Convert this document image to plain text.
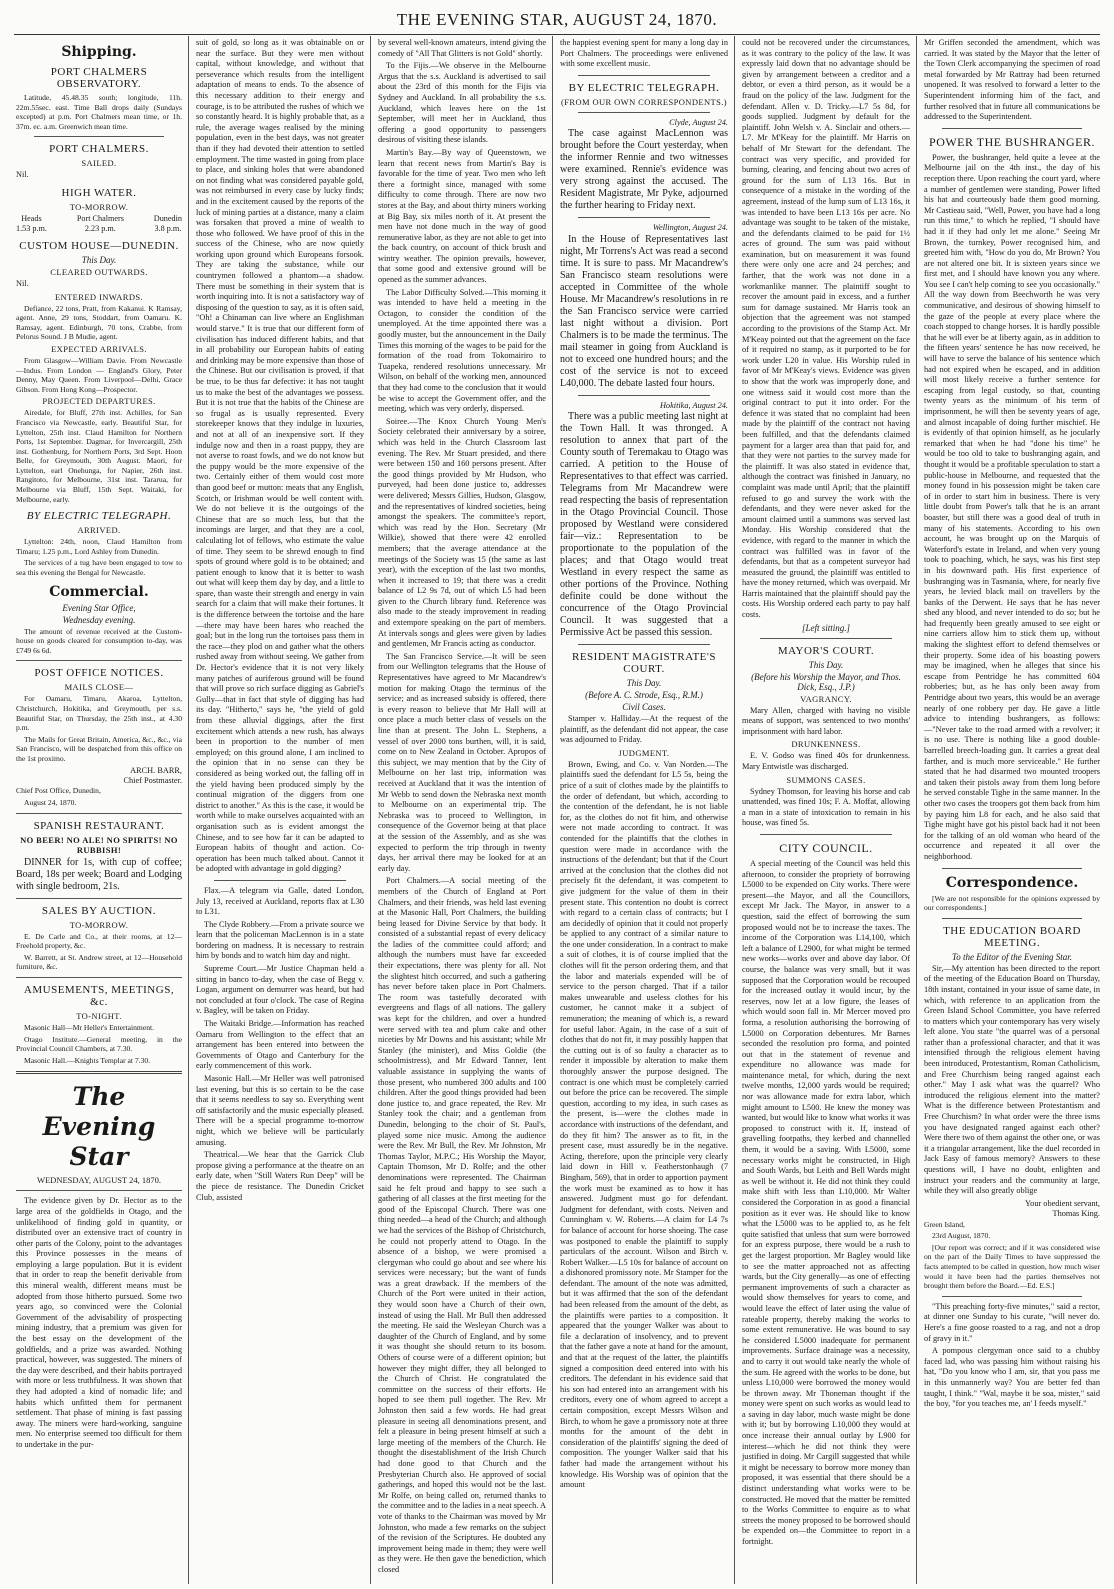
THE EVENING STAR, AUGUST 24, 1870.
Shipping.
PORT CHALMERS OBSERVATORY.
Latitude, 45.48.35 south; longitude, 11h. 22m.55sec. east. Time Ball drops daily (Sundays excepted) at p.m. Port Chalmers mean time, or 1h. 37m. ec. a.m. Greenwich mean time.
PORT CHALMERS.
SAILED.
Nil.
HIGH WATER.
TO-MORROW.
Heads
1.53 p.m.
Port Chalmers
2.23 p.m.
Dunedin
3.8 p.m.
CUSTOM HOUSE—DUNEDIN.
This Day.
CLEARED OUTWARDS.
Nil.
ENTERED INWARDS.
Defiance, 22 tons, Pratt, from Kakanui. K Ramsay, agent. Anne, 29 tons, Stoddart, from Oamaru. K. Ramsay, agent. Edinburgh, 70 tons, Crabbe, from Pelorus Sound. J B Mudie, agent.
EXPECTED ARRIVALS.
From Glasgow—William Davie. From Newcastle—Indus. From London — England's Glory, Peter Denny, May Queen. From Liverpool—Delhi, Grace Gibson. From Hong Kong—Prospector.
PROJECTED DEPARTURES.
Airedale, for Bluff, 27th inst. Achilles, for San Francisco via Newcastle, early. Beautiful Star, for Lyttelton, 25th inst. Claud Hamilton for Northern Ports, 1st September. Dagmar, for Invercargill, 25th inst. Gothenburg, for Northern Ports, 3rd Sept. Hoon Belle, for Greymouth, 30th August. Maori, for Lyttelton, earl Onehunga, for Napier, 26th inst. Rangitoto, for Melbourne, 31st inst. Tararua, for Melbourne via Bluff, 15th Sept. Waitaki, for Melbourne, early.
BY ELECTRIC TELEGRAPH.
ARRIVED.
Lyttelton: 24th, noon, Claud Hamilton from Timaru; 1.25 p.m., Lord Ashley from Dunedin.
The services of a tug have been engaged to tow to sea this evening the Bengal for Newcastle.
Commercial.
Evening Star Office,
Wednesday evening.
The amount of revenue received at the Custom-house on goods cleared for consumption to-day, was £749 6s 6d.
POST OFFICE NOTICES.
MAILS CLOSE—
For Oamaru, Timaru, Akaroa, Lyttelton, Christchurch, Hokitika, and Greymouth, per s.s. Beautiful Star, on Thursday, the 25th inst., at 4.30 p.m.
The Mails for Great Britain, America, &c., &c., via San Francisco, will be despatched from this office on the 1st proximo.
ARCH. BARR,
Chief Postmaster.
Chief Post Office, Dunedin,
August 24, 1870.
SPANISH RESTAURANT.
NO BEER! NO ALE! NO SPIRITS! NO RUBBISH!
DINNER for 1s, with cup of coffee; Board, 18s per week; Board and Lodging with single bedroom, 21s.
SALES BY AUCTION.
TO-MORROW.
E. De Carle and Co., at their rooms, at 12—Freehold property, &c.
W. Barrett, at St. Andrew street, at 12—Household furniture, &c.
AMUSEMENTS, MEETINGS, &c.
TO-NIGHT.
Masonic Hall—Mr Heller's Entertainment.
Otago Institute.—General meeting, in the Provincial Council Chambers, at 7.30.
Masonic Hall.—Knights Templar at 7.30.
The Evening Star
WEDNESDAY, AUGUST 24, 1870.
The evidence given by Dr. Hector as to the large area of the goldfields in Otago, and the unlikelihood of finding gold in quantity, or distributed over an extensive tract of country in other parts of the Colony, point to the advantages this Province possesses in the means of employing a large population. But it is evident that in order to reap the benefit derivable from this mineral wealth, different means must be adopted from those hitherto pursued. Some two years ago, so convinced were the Colonial Government of the advisability of prospecting mining industry, that a premium was given for the best essay on the development of the goldfields, and a prize was awarded. Nothing practical, however, was suggested. The miners of the day were described, and their habits portrayed with more or less truthfulness. It was shown that they had adopted a kind of nomadic life; and habits which unfitted them for permanent settlement. That phase of mining is fast passing away. The miners were hard-working, sanguine men. No enterprise seemed too difficult for them to undertake in the pur-
suit of gold, so long as it was obtainable on or near the surface. But they were men without capital, without knowledge, and without that perseverance which results from the intelligent adaptation of means to ends. To the absence of this necessary addition to their energy and courage, is to be attributed the rushes of which we so constantly heard. It is highly probable that, as a rule, the average wages realised by the mining population, even in the best days, was not greater than if they had devoted their attention to settled employment. The time wasted in going from place to place, and sinking holes that were abandoned on not finding what was considered payable gold, was not reimbursed in every case by lucky finds; and in the excitement caused by the reports of the luck of mining parties at a distance, many a claim was forsaken that proved a mine of wealth to those who followed. We have proof of this in the success of the Chinese, who are now quietly working upon ground which Europeans forsook. They are taking the substance, while our countrymen followed a phantom—a shadow. There must be something in their system that is worth inquiring into. It is not a satisfactory way of disposing of the question to say, as it is often said, "Oh! a Chinaman can live where an Englishman would starve." It is true that our different form of civilisation has induced different habits, and that in all probability our European habits of eating and drinking may be more expensive than those of the Chinese. But our civilisation is proved, if that be true, to be thus far defective: it has not taught us to make the best of the advantages we possess. But it is not true that the habits of the Chinese are so frugal as is usually represented. Every storekeeper knows that they indulge in luxuries, and not at all of an inexpensive sort. If they indulge now and then in a roast puppy, they are not averse to roast fowls, and we do not know but the puppy would be the more expensive of the two. Certainly either of them would cost more than good beef or mutton: meats that any English, Scotch, or Irishman would be well content with. We do not believe it is the outgoings of the Chinese that are so much less, but that the incomings are larger, and that they are a cool, calculating lot of fellows, who estimate the value of time. They seem to be shrewd enough to find spots of ground where gold is to be obtained; and patient enough to know that it is better to wash out what will keep them day by day, and a little to spare, than waste their strength and energy in vain search for a claim that will make their fortunes. It is the difference between the tortoise and the hare—there may have been hares who reached the goal; but in the long run the tortoises pass them in the race—they plod on and gather what the others rushed away from without seeing. We gather from Dr. Hector's evidence that it is not very likely many patches of auriferous ground will be found that will prove so rich surface digging as Gabriel's Gully—that in fact that style of digging has had its day. "Hitherto," says he, "the yield of gold from these alluvial diggings, after the first excitement which attends a new rush, has always been in proportion to the number of men employed; on this ground alone, I am inclined to the opinion that in no sense can they be considered as being worked out, the falling off in the yield having been produced simply by the continual migration of the diggers from one district to another." As this is the case, it would be worth while to make ourselves acquainted with an organisation such as is evident amongst the Chinese, and to see how far it can be adapted to European habits of thought and action. Co-operation has been much talked about. Cannot it be adopted with advantage in gold digging?
Flax.—A telegram via Galle, dated London, July 13, received at Auckland, reports flax at L30 to L31.
The Clyde Robbery.—From a private source we learn that the policeman MacLennon is in a state bordering on madness. It is necessary to restrain him by bonds and to watch him day and night.
Supreme Court.—Mr Justice Chapman held a sitting in banco to-day, when the case of Begg v. Logan, argument on demurrer was heard, but had not concluded at four o'clock. The case of Regina v. Bagley, will be taken on Friday.
The Waitaki Bridge.—Information has reached Oamaru from Wellington to the effect that an arrangement has been entered into between the Governments of Otago and Canterbury for the early commencement of this work.
Masonic Hall.—Mr Heller was well patronised last evening, but this is so certain to be the case that it seems needless to say so. Everything went off satisfactorily and the music especially pleased. There will be a special programme to-morrow night, which we believe will be particularly amusing.
Theatrical.—We hear that the Garrick Club propose giving a performance at the theatre on an early date, when "Still Waters Run Deep" will be the piece de resistance. The Dunedin Cricket Club, assisted
by several well-known amateurs, intend giving the comedy of "All That Glitters is not Gold" shortly.
To the Fijis.—We observe in the Melbourne Argus that the s.s. Auckland is advertised to sail about the 23rd of this month for the Fijis via Sydney and Auckland. In all probability the s.s. Auckland, which leaves here on the 1st September, will meet her in Auckland, thus offering a good opportunity to passengers desirous of visiting these islands.
Martin's Bay.—By way of Queenstown, we learn that recent news from Martin's Bay is favorable for the time of year. Two men who left there a fortnight since, managed with some difficulty to come through. There are now two stores at the Bay, and about thirty miners working at Big Bay, six miles north of it. At present the men have not done much in the way of good remunerative labor, as they are not able to get into the back country, on account of thick brush and wintry weather. The opinion prevails, however, that some good and extensive ground will be opened as the summer advances.
The Labor Difficulty Solved.—This morning it was intended to have held a meeting in the Octagon, to consider the condition of the unemployed. At the time appointed there was a goodly muster, but the announcement in the Daily Times this morning of the wages to be paid for the formation of the road from Tokomairiro to Tuapeka, rendered resolutions unnecessary. Mr Wilson, on behalf of the working men, announced that they had come to the conclusion that it would be wise to accept the Government offer, and the meeting, which was very orderly, dispersed.
Soiree.—The Knox Church Young Men's Society celebrated their anniversary by a soiree, which was held in the Church Classroom last evening. The Rev. Mr Stuart presided, and there were between 150 and 160 persons present. After the good things provided by Mr Hudson, who purveyed, had been done justice to, addresses were delivered; Messrs Gillies, Hudson, Glasgow, and the representatives of kindred societies, being amongst the speakers. The committee's report, which was read by the Hon. Secretary (Mr Wilkie), showed that there were 42 enrolled members; that the average attendance at the meetings of the Society was 15 (the same as last year), with the exception of the last two months, when it increased to 19; that there was a credit balance of L2 9s 7d, out of which L5 had been given to the Church library fund. Reference was also made to the steady improvement in reading and extempore speaking on the part of members. At intervals songs and glees were given by ladies and gentlemen, Mr Francis acting as conductor.
The San Francisco Service.—It will be seen from our Wellington telegrams that the House of Representatives have agreed to Mr Macandrew's motion for making Otago the terminus of the service; and as increased subsidy is offered, there is every reason to believe that Mr Hall will at once place a much better class of vessels on the line than at present. The John L. Stephens, a vessel of over 2000 tons burthen, will, it is said, come on to New Zealand in October. Apropos of this subject, we may mention that by the City of Melbourne on her last trip, information was received at Auckland that it was the intention of Mr Webb to send down the Nebraska next month to Melbourne on an experimental trip. The Nebraska was to proceed to Wellington, in consequence of the Governor being at that place at the session of the Assembly, and as she was expected to perform the trip through in twenty days, her arrival there may be looked for at an early day.
Port Chalmers.—A social meeting of the members of the Church of England at Port Chalmers, and their friends, was held last evening at the Masonic Hall, Port Chalmers, the building being leased for Divine Service by that body. It consisted of a substantial repast of every delicacy the ladies of the committee could afford; and although the numbers must have far exceeded their expectations, there was plenty for all. Not the slightest hitch occurred, and such a gathering has never before taken place in Port Chalmers. The room was tastefully decorated with evergreens and flags of all nations. The gallery was kept for the children, and over a hundred were served with tea and plum cake and other niceties by Mr Downs and his assistant; while Mr Stanley (the minister), and Miss Goldie (the schoolmistress), and Mr Edward Tanner, lent valuable assistance in supplying the wants of those present, who numbered 300 adults and 100 children. After the good things provided had been done justice to, and grace repeated, the Rev. Mr Stanley took the chair; and a gentleman from Dunedin, belonging to the choir of St. Paul's, played some nice music. Among the audience were the Rev. Mr Bull, the Rev. Mr Johnston, Mr Thomas Taylor, M.P.C.; His Worship the Mayor, Captain Thomson, Mr D. Rolfe; and the other denominations were represented. The Chairman said he felt proud and happy to see such a gathering of all classes at the first meeting for the good of the Episcopal Church. There was one thing needed—a head of the Church; and although we had the services of the Bishop of Christchurch, he could not properly attend to Otago. In the absence of a bishop, we were promised a clergyman who could go about and see where his services were necessary; but the want of funds was a great drawback. If the members of the Church of the Port were united in their action, they would soon have a Church of their own, instead of using the Hall. Mr Bull then addressed the meeting. He said the Wesleyan Church was a daughter of the Church of England, and by some it was thought she should return to its bosom. Others of course were of a different opinion; but however they might differ, they all belonged to the Church of Christ. He congratulated the committee on the success of their efforts. He hoped to see them pull together. The Rev. Mr Johnston then said a few words. He had great pleasure in seeing all denominations present, and felt a pleasure in being present himself at such a large meeting of the members of the Church. He thought the disestablishment of the Irish Church had done good to that Church and the Presbyterian Church also. He approved of social gatherings, and hoped this would not be the last. Mr Rolfe, on being called on, returned thanks to the committee and to the ladies in a neat speech. A vote of thanks to the Chairman was moved by Mr Johnston, who made a few remarks on the subject of the revision of the Scriptures. He doubted any improvement being made in them; they were well as they were. He then gave the benediction, which closed
the happiest evening spent for many a long day in Port Chalmers. The proceedings were enlivened with some excellent music.
BY ELECTRIC TELEGRAPH.
(FROM OUR OWN CORRESPONDENTS.)
Clyde, August 24.
The case against MacLennon was brought before the Court yesterday, when the informer Rennie and two witnesses were examined. Rennie's evidence was very strong against the accused. The Resident Magistrate, Mr Pyke, adjourned the further hearing to Friday next.
Wellington, August 24.
In the House of Representatives last night, Mr Torrens's Act was read a second time. It is sure to pass. Mr Macandrew's San Francisco steam resolutions were accepted in Committee of the whole House. Mr Macandrew's resolutions in re the San Francisco service were carried last night without a division. Port Chalmers is to be made the terminus. The mail steamer in going from Auckland is not to exceed one hundred hours; and the cost of the service is not to exceed L40,000. The debate lasted four hours.
Hokitika, August 24.
There was a public meeting last night at the Town Hall. It was thronged. A resolution to annex that part of the County south of Teremakau to Otago was carried. A petition to the House of Representatives to that effect was carried. Telegrams from Mr Macandrew were read respecting the basis of representation in the Otago Provincial Council. Those proposed by Westland were considered fair—viz.: Representation to be proportionate to the population of the places; and that Otago would treat Westland in every respect the same as other portions of the Province. Nothing definite could be done without the concurrence of the Otago Provincial Council. It was suggested that a Permissive Act be passed this session.
RESIDENT MAGISTRATE'S COURT.
This Day.
(Before A. C. Strode, Esq., R.M.)
Civil Cases.
Stamper v. Halliday.—At the request of the plaintiff, as the defendant did not appear, the case was adjourned to Friday.
JUDGMENT.
Brown, Ewing, and Co. v. Van Norden.—The plaintiffs sued the defendant for L5 5s, being the price of a suit of clothes made by the plaintiffs to the order of defendant, but which, according to the contention of the defendant, he is not liable for, as the clothes do not fit him, and otherwise were not made according to contract. It was contended for the plaintiffs that the clothes in question were made in accordance with the instructions of the defendant; but that if the Court arrived at the conclusion that the clothes did not precisely fit the defendant, it was competent to give judgment for the value of them in their present state. This contention no doubt is correct with regard to a certain class of contracts; but I am decidedly of opinion that it could not properly be applied to any contract of a similar nature to the one under consideration. In a contract to make a suit of clothes, it is of course implied that the clothes will fit the person ordering them, and that the labor and materials expended will be of service to the person charged. That if a tailor makes unwearable and useless clothes for his customer, he cannot make it a subject of remuneration; the meaning of which is, a reward for useful labor. Again, in the case of a suit of clothes that do not fit, it may possibly happen that the cutting out is of so faulty a character as to render it impossible by alteration to make them thoroughly answer the purpose designed. The contract is one which must be completely carried out before the price can be recovered. The simple question, according to my idea, in such cases as the present, is—were the clothes made in accordance with instructions of the defendant, and do they fit him? The answer as to fit, in the present case, must assuredly be in the negative. Acting, therefore, upon the principle very clearly laid down in Hill v. Featherstonhaugh (7 Bingham, 569), that in order to apportion payment the work must be examined as to how it has answered. Judgment must go for defendant. Judgment for defendant, with costs. Neiven and Cunningham v. W. Roberts.—A claim for L4 7s for balance of account for horse shoeing. The case was postponed to enable the plaintiff to supply particulars of the account. Wilson and Birch v. Robert Walker.—L5 10s for balance of account on a dishonored promissory note. Mr Stamper for the defendant. The amount of the note was admitted, but it was affirmed that the son of the defendant had been released from the amount of the debt, as the plaintiffs were parties to a composition. It appeared that the younger Walker was about to file a declaration of insolvency, and to prevent that the father gave a note at hand for the amount, and that at the request of the latter, the plaintiffs signed a composition deed entered into with his creditors. The defendant in his evidence said that his son had entered into an arrangement with his creditors, every one of whom agreed to accept a certain composition, except Messrs Wilson and Birch, to whom he gave a promissory note at three months for the amount of the debt in consideration of the plaintiffs' signing the deed of composition. The younger Walker said that his father had made the arrangement without his knowledge. His Worship was of opinion that the amount
could not be recovered under the circumstances, as it was contrary to the policy of the law. It was expressly laid down that no advantage should be given by arrangement between a creditor and a debtor, or even a third person, as it would be a fraud on the policy of the law. Judgment for the defendant. Allen v. D. Tricky.—L7 5s 8d, for goods supplied. Judgment by default for the plaintiff. John Welsh v. A. Sinclair and others.—L7. Mr M'Keay for the plaintiff. Mr Harris on behalf of Mr Stewart for the defendant. The contract was very specific, and provided for burning, clearing, and fencing about two acres of ground for the sum of L13 16s. But in consequence of a mistake in the wording of the agreement, instead of the lump sum of L13 16s, it was intended to have been L13 16s per acre. No advantage was sought to be taken of the mistake, and the defendants claimed to be paid for 1½ acres of ground. The sum was paid without examination, but on measurement it was found there were only one acre and 24 perches; and farther, that the work was not done in a workmanlike manner. The plaintiff sought to recover the amount paid in excess, and a further sum for damage sustained. Mr Harris took an objection that the agreement was not stamped according to the provisions of the Stamp Act. Mr M'Keay pointed out that the agreement on the face of it required no stamp, as it purported to be for work under L20 in value. His Worship ruled in favor of Mr M'Keay's views. Evidence was given to show that the work was improperly done, and one witness said it would cost more than the original contract to put it into order. For the defence it was stated that no complaint had been made by the plaintiff of the contract not having been fulfilled, and that the defendants claimed payment for a larger area than that paid for, and that they were not parties to the survey made for the plaintiff. It was also stated in evidence that, although the contract was finished in January, no complaint was made until April; that the plaintiff refused to go and survey the work with the defendants, and they were never asked for the amount claimed until a summons was served last Monday. His Worship considered that the evidence, with regard to the manner in which the contract was fulfilled was in favor of the defendants, but that as a competent surveyor had measured the ground, the plaintiff was entitled to have the money returned, which was overpaid. Mr Harris maintained that the plaintiff should pay the costs. His Worship ordered each party to pay half costs.
[Left sitting.]
MAYOR'S COURT.
This Day.
(Before his Worship the Mayor, and Thos. Dick, Esq., J.P.)
VAGRANCY.
Mary Allen, charged with having no visible means of support, was sentenced to two months' imprisonment with hard labor.
DRUNKENNESS.
E. V. Godso was fined 40s for drunkenness. Mary Entwistle was discharged.
SUMMONS CASES.
Sydney Thomson, for leaving his horse and cab unattended, was fined 10s; F. A. Moffat, allowing a man in a state of intoxication to remain in his house, was fined 5s.
CITY COUNCIL.
A special meeting of the Council was held this afternoon, to consider the propriety of borrowing L5000 to be expended on City works. There were present—the Mayor, and all the Councillors, except Mr Jack. The Mayor, in answer to a question, said the effect of borrowing the sum proposed would not be to increase the taxes. The income of the Corporation was L14,100, which left a balance of L2900, for what might be termed new works—works over and above day labor. Of course, the balance was very small, but it was supposed that the Corporation would be recouped for the increased outlay it would incur, by the reserves, now let at a low figure, the leases of which would soon fall in. Mr Mercer moved pro forma, a resolution authorising the borrowing of L5000 on Corporation debentures. Mr Barnes seconded the resolution pro forma, and pointed out that in the statement of revenue and expenditure no allowance was made for maintenance metal, for which, during the next twelve months, 12,000 yards would be required; nor was allowance made for extra labor, which might amount to L500. He knew the money was wanted, but would like to know what works it was proposed to construct with it. If, instead of gravelling footpaths, they kerbed and channelled them, it would be a saving. With L5000, some necessary works might be constructed, in High and South Wards, but Leith and Bell Wards might as well be without it. He did not think they could make shift with less than L10,000. Mr Walter considered the Corporation in as good a financial position as it ever was. He should like to know what the L5000 was to be applied to, as he felt quite satisfied that unless that sum were borrowed for an express purpose, there would be a rush to get the largest proportion. Mr Bagley would like to see the matter approached not as affecting wards, but the City generally—as one of effecting permanent improvements of such a character as would show themselves for years to come, and would leave the effect of later using the value of rateable property, thereby making the works to some extent remunerative. He was bound to say he considered L5000 inadequate for permanent improvements. Surface drainage was a necessity, and to carry it out would take nearly the whole of the sum. He agreed with the works to be done, but unless L10,000 were borrowed the money would be thrown away. Mr Thoneman thought if the money were spent on such works as would lead to a saving in day labor, much waste might be done with it; but by borrowing L10,000 they would at once increase their annual outlay by L900 for interest—which he did not think they were justified in doing. Mr Cargill suggested that while it might be necessary to borrow more money than proposed, it was essential that there should be a distinct understanding what works were to be constructed. He moved that the matter be remitted to the Works Committee to enquire as to what streets the money proposed to be borrowed should be expended on—the Committee to report in a fortnight.
Mr Griffen seconded the amendment, which was carried. It was stated by the Mayor that the letter of the Town Clerk accompanying the specimen of road metal forwarded by Mr Rattray had been returned unopened. It was resolved to forward a letter to the Superintendent informing him of the fact, and further resolved that in future all communications be addressed to the Superintendent.
POWER THE BUSHRANGER.
Power, the bushranger, held quite a levee at the Melbourne jail on the 4th inst., the day of his reception there. Upon reaching the court yard, where a number of gentlemen were standing, Power lifted his hat and courteously bade them good morning. Mr Castieau said, "Well, Power, you have had a long run this time," to which he replied, "I should have had it if they had only let me alone." Seeing Mr Brown, the turnkey, Power recognised him, and greeted him with, "How do you do, Mr Brown? You are not altered one bit. It is sixteen years since we first met, and I should have known you any where. You see I can't help coming to see you occasionally." All the way down from Beechworth he was very communicative, and desirous of showing himself to the gaze of the people at every place where the coach stopped to change horses. It is hardly possible that he will ever be at liberty again, as in addition to the fifteen years' sentence he has now received, he will have to serve the balance of his sentence which had not expired when he escaped, and in addition will most likely receive a further sentence for escaping from legal custody, so that, counting twenty years as the minimum of his term of imprisonment, he will then be seventy years of age, and almost incapable of doing further mischief. He is evidently of that opinion himself, as he jocularly remarked that when he had "done his time" he would be too old to take to bushranging again, and thought it would be a profitable speculation to start a public-house in Melbourne, and requested that the money found in his possession might be taken care of in order to start him in business. There is very little doubt from Power's talk that he is an arrant boaster, but still there was a good deal of truth in many of his statements. According to his own account, he was brought up on the Marquis of Waterford's estate in Ireland, and when very young took to poaching, which, he says, was his first step in his downward path. His first experience of bushranging was in Tasmania, where, for nearly five years, he levied black mail on travellers by the banks of the Derwent. He says that he has never shed any blood, and never intended to do so; but he had frequently been greatly amused to see eight or nine carriers allow him to stick them up, without making the slightest effort to defend themselves or their property. Some idea of his boasting powers may be imagined, when he alleges that since his escape from Pentridge he has committed 604 robberies; but, as he has only been away from Pentridge about two years, this would be an average nearly of one robbery per day. He gave a little advice to intending bushrangers, as follows:—"Never take to the road armed with a revolver; it is no use. There is nothing like a good double-barrelled breech-loading gun. It carries a great deal farther, and is much more serviceable." He further stated that he had disarmed two mounted troopers and taken their pistols away from them long before he served constable Tighe in the same manner. In the other two cases the troopers got them back from him by paying him L8 for each, and he also said that Tighe might have got his pistol back had it not been for the talking of an old woman who heard of the occurrence and repeated it all over the neighborhood.
Correspondence.
[We are not responsible for the opinions expressed by our correspondents.]
THE EDUCATION BOARD MEETING.
To the Editor of the Evening Star.
Sir,—My attention has been directed to the report of the meeting of the Education Board on Thursday, 18th instant, contained in your issue of same date, in which, with reference to an application from the Green Island School Committee, you have referred to matters which your contemporary has very wisely left alone. You state "the quarrel was of a personal rather than a professional character, and that it was intensified through the religious element having been introduced, Protestantism, Roman Catholicism, and Free Churchism being ranged against each other." May I ask what was the quarrel? Who introduced the religious element into the matter? What is the difference between Protestantism and Free Churchism? In what order were the three isms you have designated ranged against each other? Were there two of them against the other one, or was it a triangular arrangement, like the duel recorded in Jack Easy of famous memory? Answers to these questions will, I have no doubt, enlighten and instruct your readers and the community at large, while they will also greatly oblige
Your obedient servant,
Thomas King.
Green Island,
23rd August, 1870.
[Our report was correct; and if it was considered wise on the part of the Daily Times to have suppressed the facts attempted to be called in question, how much wiser would it have been had the parties themselves not brought them before the Board.—Ed. E.S.]
"This preaching forty-five minutes," said a rector, at dinner one Sunday to his curate, "will never do. Here's a fine goose roasted to a rag, and not a drop of gravy in it."
A pompous clergyman once said to a chubby faced lad, who was passing him without raising his hat, "Do you know who I am, sir, that you pass me in this unmannerly way? You are better fed than taught, I think." "Wal, maybe it be soa, mister," said the boy, "for you teaches me, an' I feeds myself."
